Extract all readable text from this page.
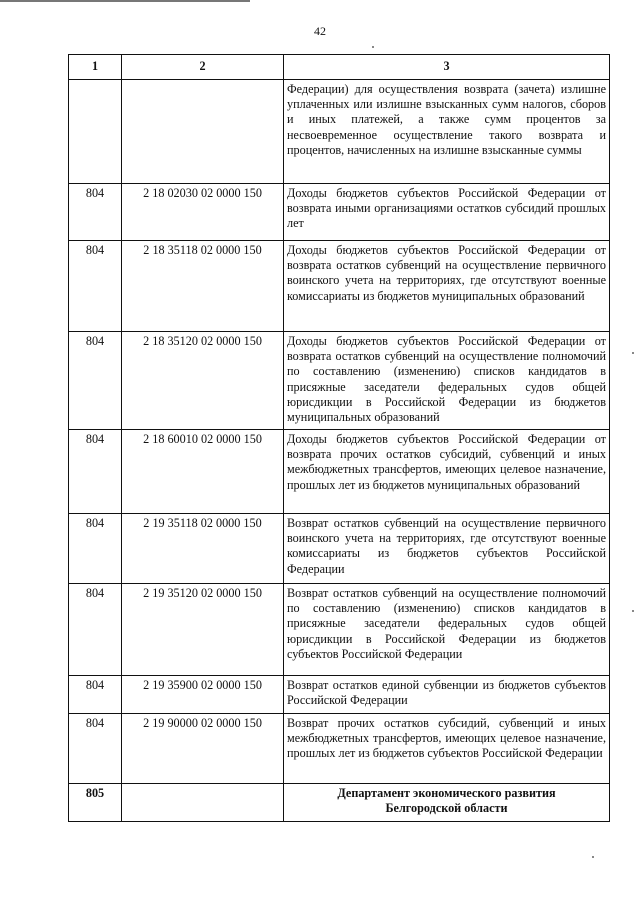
42
1	2	3
		Федерации) для осуществления возврата (зачета) излишне уплаченных или излишне взысканных сумм налогов, сборов и иных платежей, а также сумм процентов за несвоевременное осуществление такого возврата и процентов, начисленных на излишне взысканные суммы
804	2 18 02030 02 0000 150	Доходы бюджетов субъектов Российской Федерации от возврата иными организациями остатков субсидий прошлых лет
804	2 18 35118 02 0000 150	Доходы бюджетов субъектов Российской Федерации от возврата остатков субвенций на осуществление первичного воинского учета на территориях, где отсутствуют военные комиссариаты из бюджетов муниципальных образований
804	2 18 35120 02 0000 150	Доходы бюджетов субъектов Российской Федерации от возврата остатков субвенций на осуществление полномочий по составлению (изменению) списков кандидатов в присяжные заседатели федеральных судов общей юрисдикции в Российской Федерации из бюджетов муниципальных образований
804	2 18 60010 02 0000 150	Доходы бюджетов субъектов Российской Федерации от возврата прочих остатков субсидий, субвенций и иных межбюджетных трансфертов, имеющих целевое назначение, прошлых лет из бюджетов муниципальных образований
804	2 19 35118 02 0000 150	Возврат остатков субвенций на осуществление первичного воинского учета на территориях, где отсутствуют военные комиссариаты из бюджетов субъектов Российской Федерации
804	2 19 35120 02 0000 150	Возврат остатков субвенций на осуществление полномочий по составлению (изменению) списков кандидатов в присяжные заседатели федеральных судов общей юрисдикции в Российской Федерации из бюджетов субъектов Российской Федерации
804	2 19 35900 02 0000 150	Возврат остатков единой субвенции из бюджетов субъектов Российской Федерации
804	2 19 90000 02 0000 150	Возврат прочих остатков субсидий, субвенций и иных межбюджетных трансфертов, имеющих целевое назначение, прошлых лет из бюджетов субъектов Российской Федерации
805		Департамент экономического развития
Белгородской области
